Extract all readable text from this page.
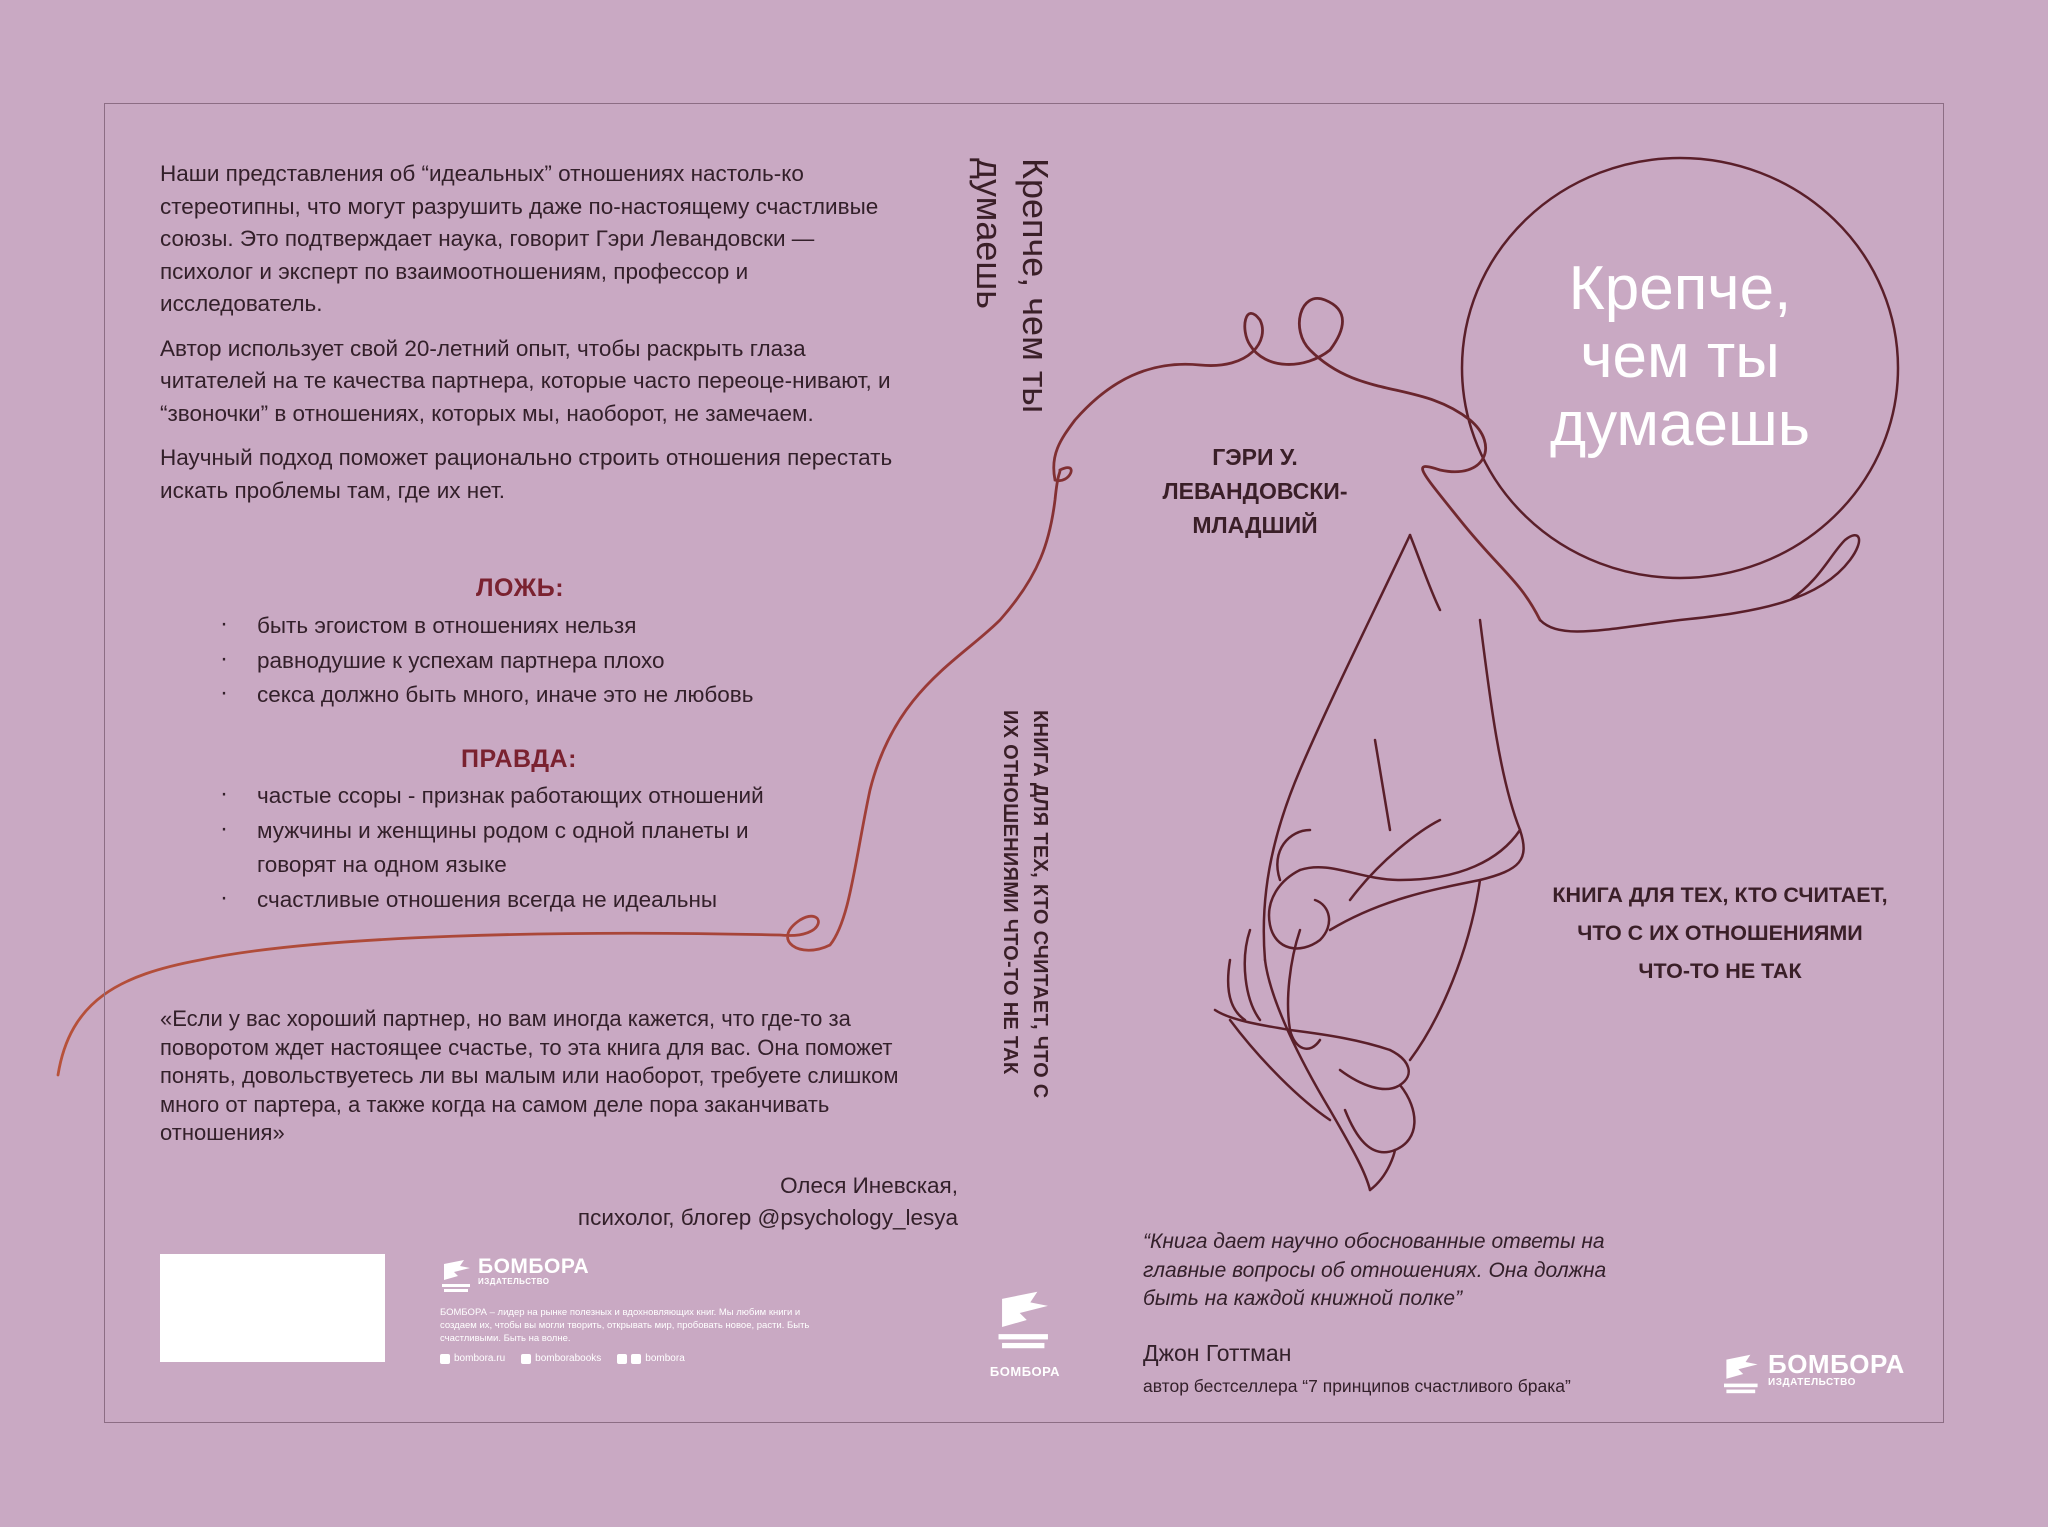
Наши представления об “идеальных” отношениях настоль-ко стереотипны, что могут разрушить даже по-настоящему счастливые союзы. Это подтверждает наука, говорит Гэри Левандовски — психолог и эксперт по взаимоотношениям, профессор и исследователь.

Автор использует свой 20-летний опыт, чтобы раскрыть глаза читателей на те качества партнера, которые часто переоце-нивают, и “звоночки” в отношениях, которых мы, наоборот, не замечаем.

Научный подход поможет рационально строить отношения перестать искать проблемы там, где их нет.

ЛОЖЬ:
· быть эгоистом в отношениях нельзя
· равнодушие к успехам партнера плохо
· секса должно быть много, иначе это не любовь
ПРАВДА:
· частые ссоры - признак работающих отношений
· мужчины и женщины родом с одной планеты и говорят на одном языке
· счастливые отношения всегда не идеальны
«Если у вас хороший партнер, но вам иногда кажется, что где-то за поворотом ждет настоящее счастье, то эта книга для вас. Она поможет понять, довольствуетесь ли вы малым или наоборот, требуете слишком много от партера, а также когда на самом деле пора заканчивать отношения»
Олеся Иневская,
психолог, блогер @psychology_lesya
БОМБОРА
ИЗДАТЕЛЬСТВО
БОМБОРА – лидер на рынке полезных и вдохновляющих книг. Мы любим книги и создаем их, чтобы вы могли творить, открывать мир, пробовать новое, расти. Быть счастливыми. Быть на волне.
bombora.ru	bomborabooks	bombora
Крепче, чем ты думаешь
КНИГА ДЛЯ ТЕХ, КТО СЧИТАЕТ, ЧТО С ИХ ОТНОШЕНИЯМИ ЧТО-ТО НЕ ТАК
БОМБОРА
Крепче,
чем ты
думаешь
ГЭРИ У.
ЛЕВАНДОВСКИ-
МЛАДШИЙ
КНИГА ДЛЯ ТЕХ, КТО СЧИТАЕТ,
ЧТО С ИХ ОТНОШЕНИЯМИ
ЧТО-ТО НЕ ТАК
“Книга дает научно обоснованные ответы на главные вопросы об отношениях. Она должна быть на каждой книжной полке”
Джон Готтман
автор бестселлера “7 принципов счастливого брака”
БОМБОРА
ИЗДАТЕЛЬСТВО
